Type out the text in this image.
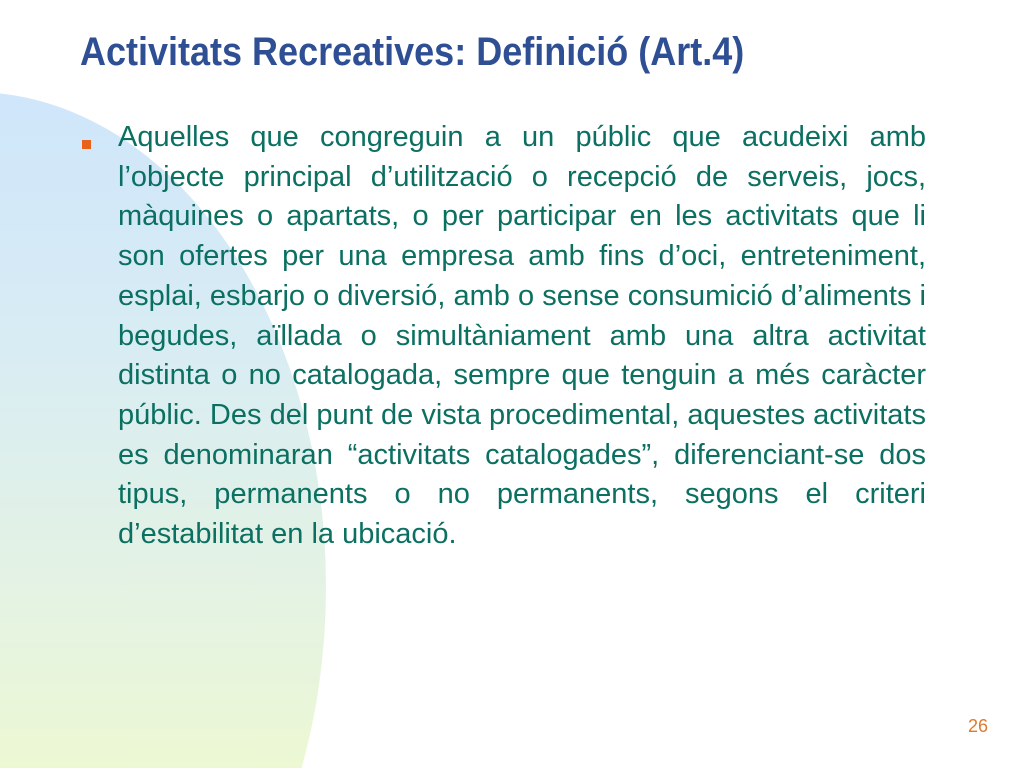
Activitats Recreatives: Definició (Art.4)

Aquelles que congreguin a un públic que acudeixi amb l’objecte principal d’utilització o recepció de serveis, jocs, màquines o apartats, o per participar en les activitats que li son ofertes per una empresa amb fins d’oci, entreteniment, esplai, esbarjo o diversió, amb o sense consumició d’aliments i begudes, aïllada o simultàniament amb una altra activitat distinta o no catalogada, sempre que tenguin a més caràcter públic. Des del punt de vista procedimental, aquestes activitats es denominaran “activitats catalogades”, diferenciant-se dos tipus, permanents o no permanents, segons el criteri d’estabilitat en la ubicació.

26
